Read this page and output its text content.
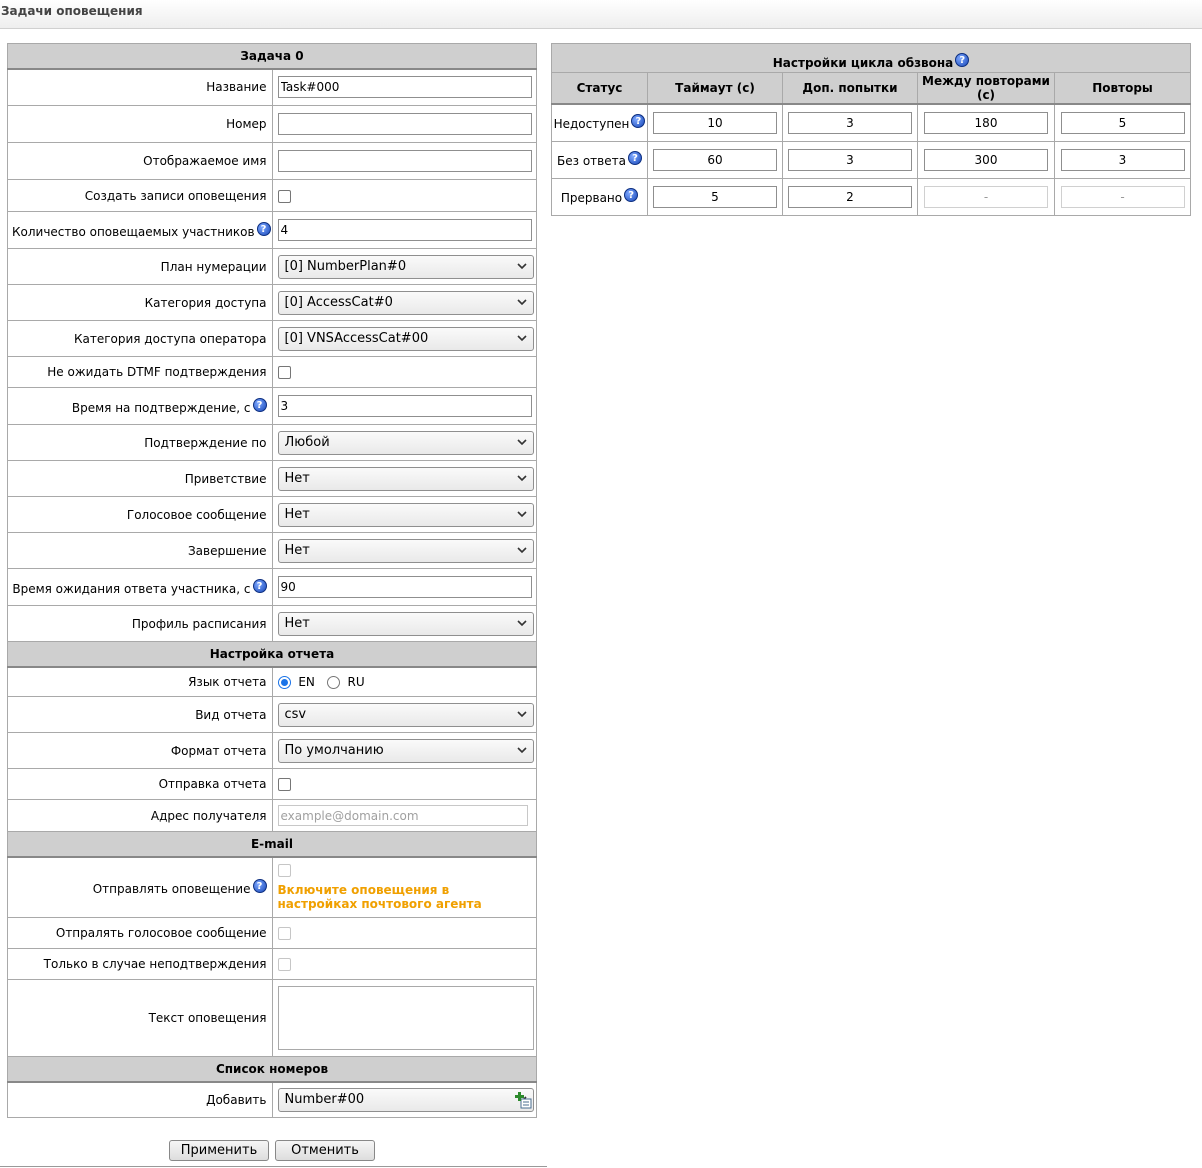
Задачи оповещения
Задача 0	
Название	Task#000
Номер	
Отображаемое имя	
Создать записи оповещения	
Количество оповещаемых участников ?	4
План нумерации	[0] NumberPlan#0

Категория доступа	[0] AccessCat#0

Категория доступа оператора	[0] VNSAccessCat#00

Не ожидать DTMF подтверждения	
Время на подтверждение, с ?	3
Подтверждение по	Любой

Приветствие	Нет

Голосовое сообщение	Нет

Завершение	Нет

Время ожидания ответа участника, с ?	90
Профиль расписания	Нет

Настройка отчета	
Язык отчета	EN RU
Вид отчета	csv

Формат отчета	По умолчанию

Отправка отчета	
Адрес получателя	example@domain.com
E-mail	
Отправлять оповещение ?	Включите оповещения в настройках почтового агента

Отпралять голосовое сообщение	
Только в случае неподтверждения	
Текст оповещения	

Список номеров	
Добавить	Number#00
Настройки цикла обзвона ?				
Статус	Таймаут (с)	Доп. попытки	Между повторами (с)	Повторы
Недоступен ?	10	3	180	5

Без ответа ?	60	3	300	3

Прервано ?	5	2	-	-
Применить	Отменить
